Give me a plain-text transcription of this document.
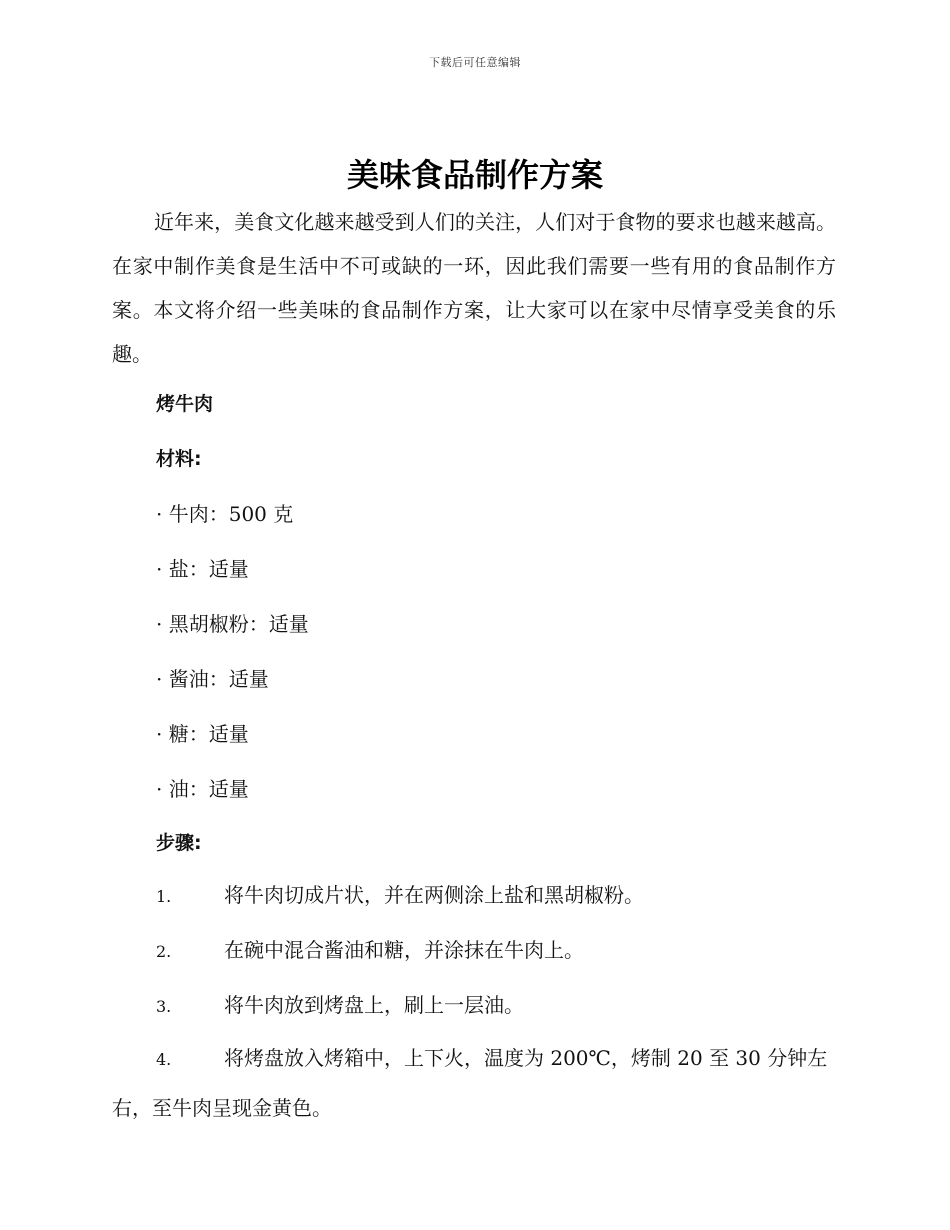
下载后可任意编辑
美味食品制作方案

近年来，美食文化越来越受到人们的关注，人们对于食物的要求也越来越高。在家中制作美食是生活中不可或缺的一环，因此我们需要一些有用的食品制作方案。本文将介绍一些美味的食品制作方案，让大家可以在家中尽情享受美食的乐趣。

烤牛肉
材料:

· 牛肉：500 克

· 盐：适量

· 黑胡椒粉：适量

· 酱油：适量

· 糖：适量

· 油：适量

步骤:

1.	将牛肉切成片状，并在两侧涂上盐和黑胡椒粉。

2.	在碗中混合酱油和糖，并涂抹在牛肉上。

3.	将牛肉放到烤盘上，刷上一层油。

4.	将烤盘放入烤箱中，上下火，温度为 200℃，烤制 20 至 30 分钟左右，至牛肉呈现金黄色。
